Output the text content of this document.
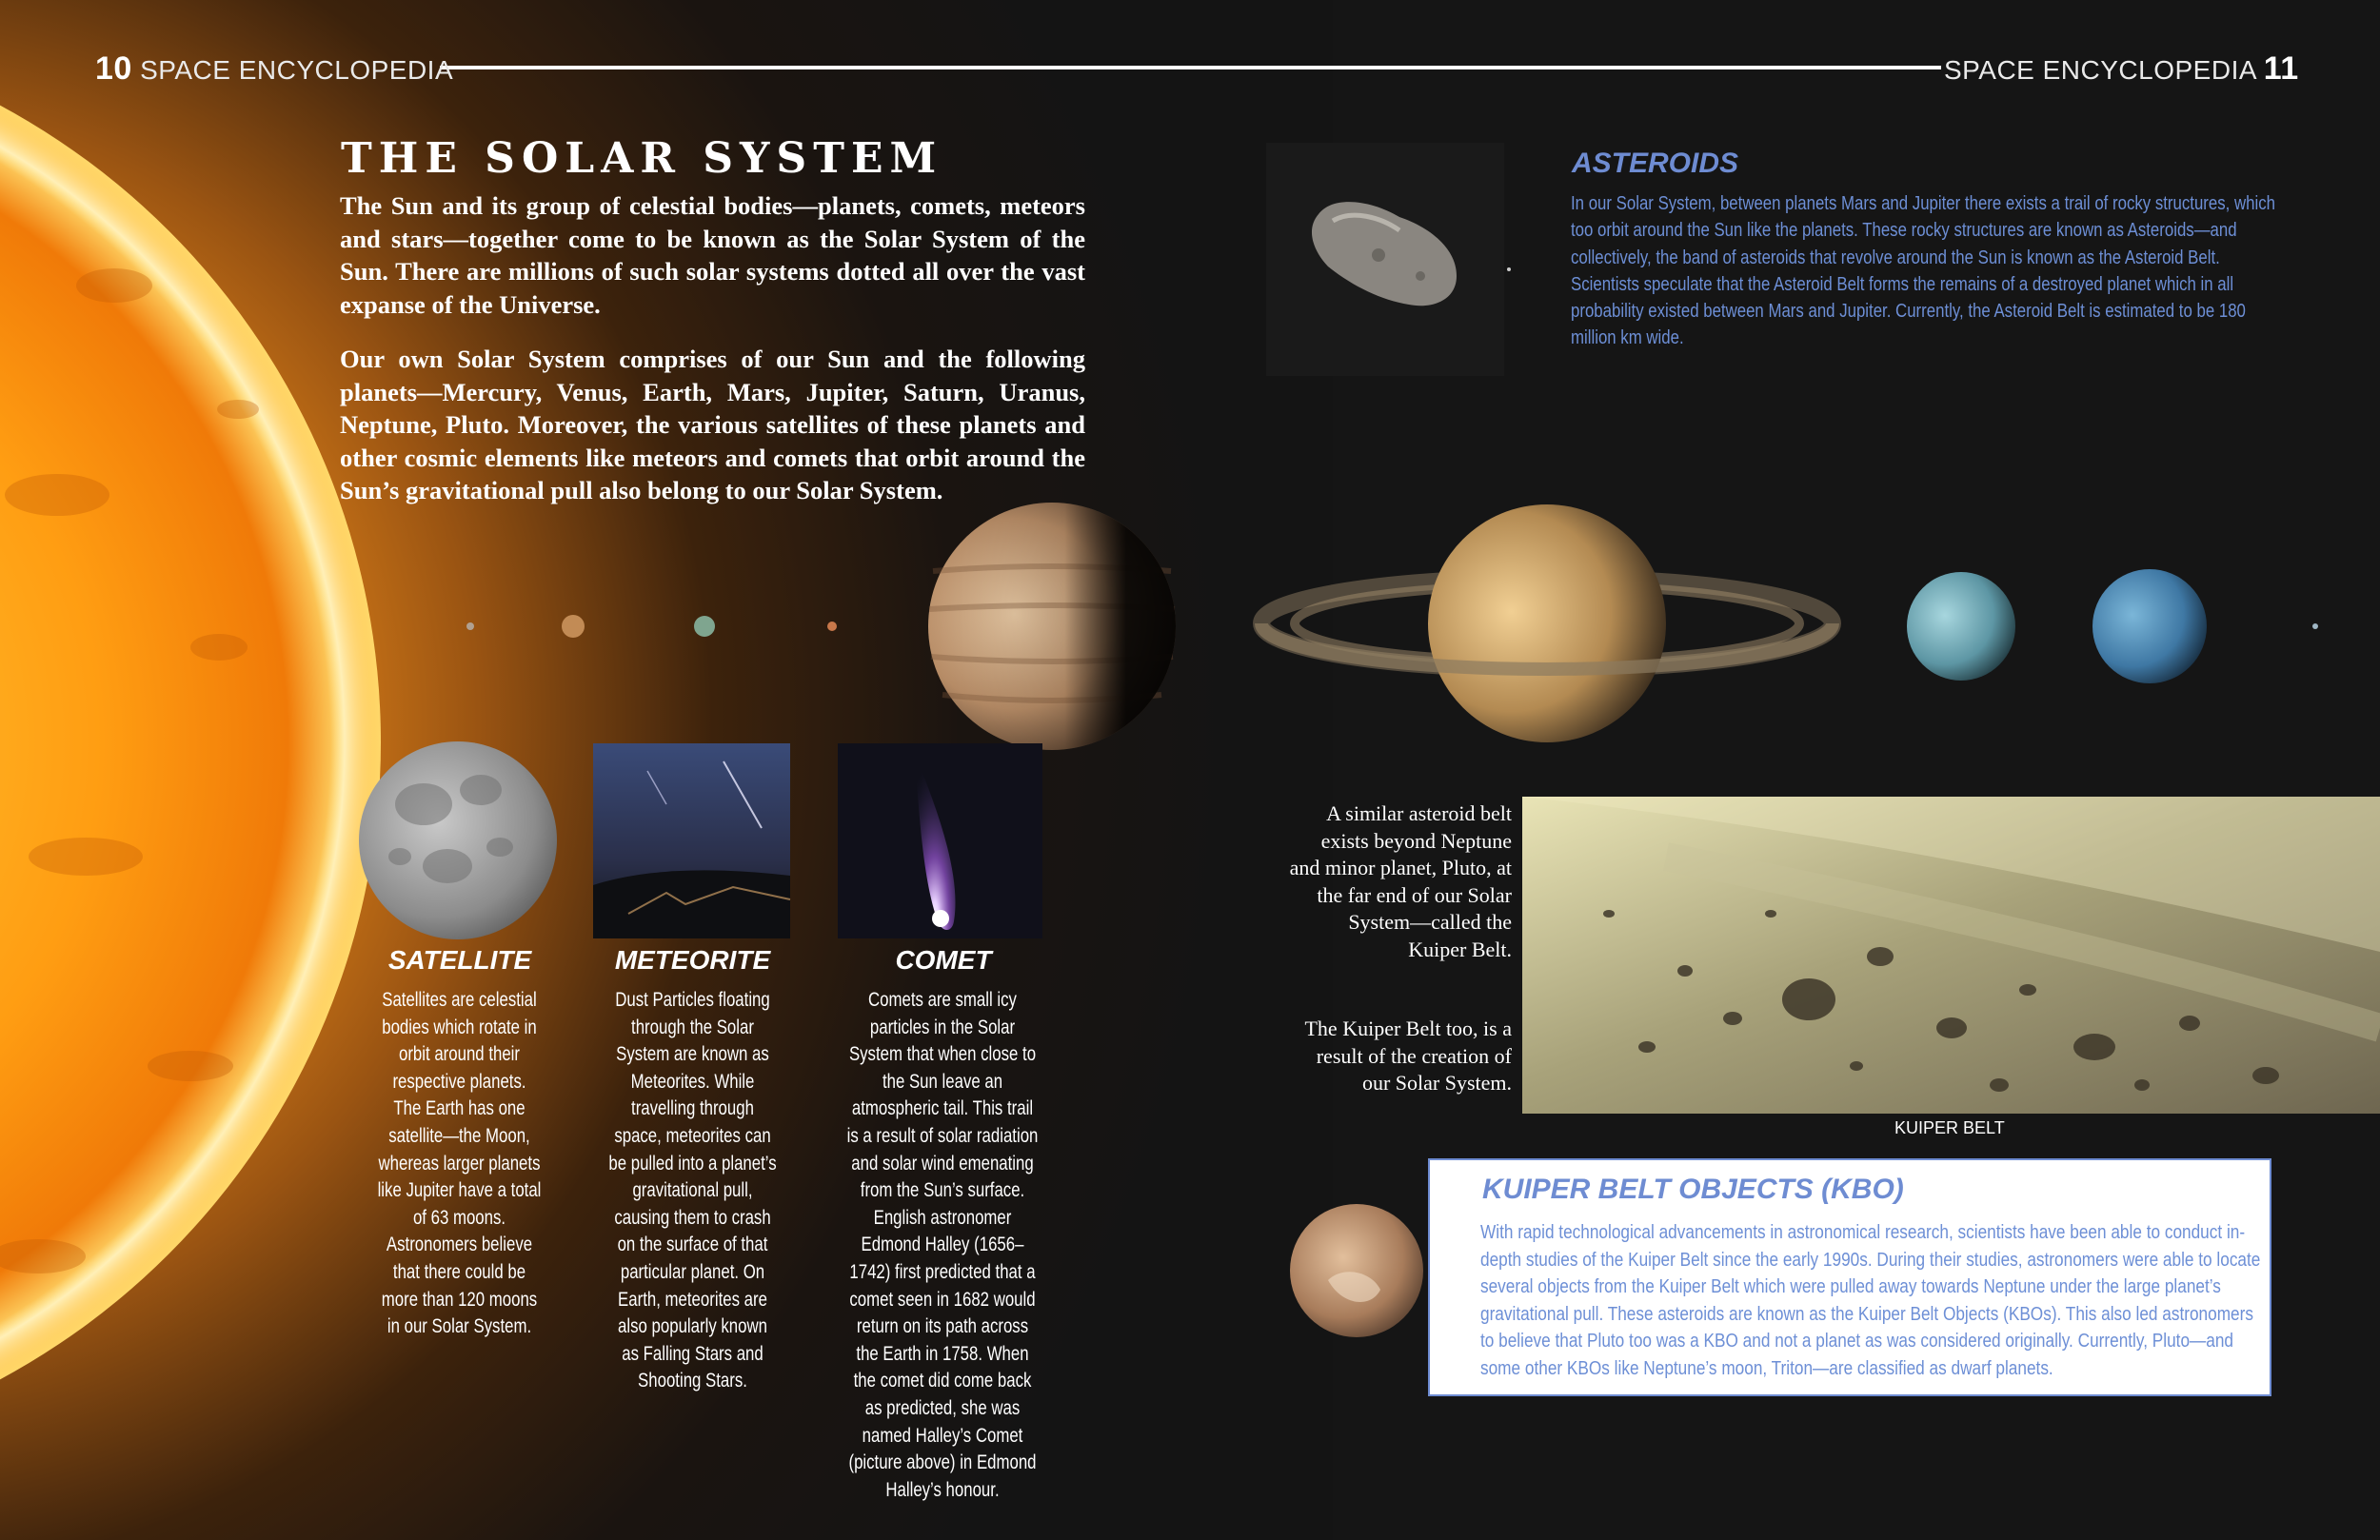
10 SPACE ENCYCLOPEDIA	SPACE ENCYCLOPEDIA 11
THE SOLAR SYSTEM

The Sun and its group of celestial bodies—planets, comets, meteors and stars—together come to be known as the Solar System of the Sun. There are millions of such solar systems dotted all over the vast expanse of the Universe.

Our own Solar System comprises of our Sun and the following planets—Mercury, Venus, Earth, Mars, Jupiter, Saturn, Uranus, Neptune, Pluto. Moreover, the various satellites of these planets and other cosmic elements like meteors and comets that orbit around the Sun’s gravitational pull also belong to our Solar System.

ASTEROIDS

In our Solar System, between planets Mars and Jupiter there exists a trail of rocky structures, which too orbit around the Sun like the planets. These rocky structures are known as Asteroids—and collectively, the band of asteroids that revolve around the Sun is known as the Asteroid Belt.

Scientists speculate that the Asteroid Belt forms the remains of a destroyed planet which in all probability existed between Mars and Jupiter. Currently, the Asteroid Belt is estimated to be 180 million km wide.

SATELLITE

Satellites are celestial bodies which rotate in orbit around their respective planets. The Earth has one satellite—the Moon, whereas larger planets like Jupiter have a total of 63 moons. Astronomers believe that there could be more than 120 moons in our Solar System.

METEORITE

Dust Particles floating through the Solar System are known as Meteorites. While travelling through space, meteorites can be pulled into a planet’s gravitational pull, causing them to crash on the surface of that particular planet. On Earth, meteorites are also popularly known as Falling Stars and Shooting Stars.

COMET

Comets are small icy particles in the Solar System that when close to the Sun leave an atmospheric tail. This trail is a result of solar radiation and solar wind emenating from the Sun’s surface. English astronomer Edmond Halley (1656–1742) first predicted that a comet seen in 1682 would return on its path across the Earth in 1758. When the comet did come back as predicted, she was named Halley’s Comet (picture above) in Edmond Halley’s honour.

A similar asteroid belt exists beyond Neptune and minor planet, Pluto, at the far end of our Solar System—called the Kuiper Belt.

The Kuiper Belt too, is a result of the creation of our Solar System.

KUIPER BELT
KUIPER BELT OBJECTS (KBO)

With rapid technological advancements in astronomical research, scientists have been able to conduct in-depth studies of the Kuiper Belt since the early 1990s. During their studies, astronomers were able to locate several objects from the Kuiper Belt which were pulled away towards Neptune under the large planet’s gravitational pull. These asteroids are known as the Kuiper Belt Objects (KBOs). This also led astronomers to believe that Pluto too was a KBO and not a planet as was considered originally. Currently, Pluto—and some other KBOs like Neptune’s moon, Triton—are classified as dwarf planets.
